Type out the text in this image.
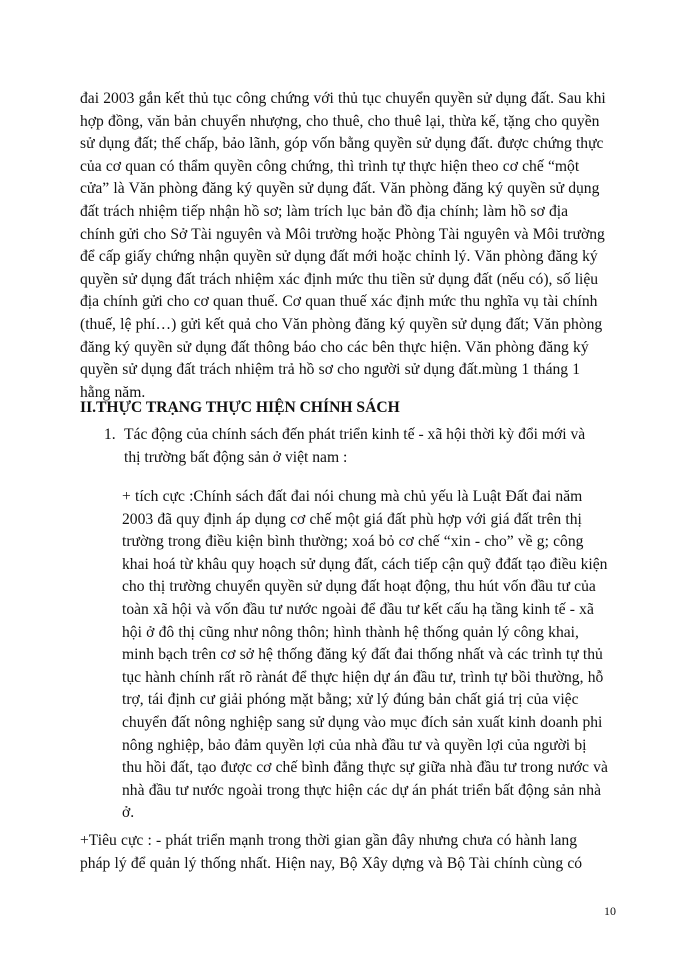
đai 2003 gắn kết thủ tục công chứng với thủ tục chuyển quyền sử dụng đất. Sau khi
hợp đồng, văn bản chuyển nhượng, cho thuê, cho thuê lại, thừa kế, tặng cho quyền
sử dụng đất; thế chấp, bảo lãnh, góp vốn bằng quyền sử dụng đất. được chứng thực
của cơ quan có thẩm quyền công chứng, thì trình tự thực hiện theo cơ chế “một
cửa” là Văn phòng đăng ký quyền sử dụng đất. Văn phòng đăng ký quyền sử dụng
đất trách nhiệm tiếp nhận hồ sơ; làm trích lục bản đồ địa chính; làm hồ sơ địa
chính gửi cho Sở Tài nguyên và Môi trường hoặc Phòng Tài nguyên và Môi trường
để cấp giấy chứng nhận quyền sử dụng đất mới hoặc chỉnh lý. Văn phòng đăng ký
quyền sử dụng đất trách nhiệm xác định mức thu tiền sử dụng đất (nếu có), số liệu
địa chính gửi cho cơ quan thuế. Cơ quan thuế xác định mức thu nghĩa vụ tài chính
(thuế, lệ phí…) gửi kết quả cho Văn phòng đăng ký quyền sử dụng đất; Văn phòng
đăng ký quyền sử dụng đất thông báo cho các bên thực hiện. Văn phòng đăng ký
quyền sử dụng đất trách nhiệm trả hồ sơ cho người sử dụng đất.mùng 1 tháng 1
hằng năm.
II.THỰC TRẠNG THỰC HIỆN CHÍNH SÁCH
1. Tác động của chính sách đến phát triển kinh tế - xã hội thời kỳ đổi mới và
thị trường bất động sản ở việt nam :
+ tích cực :Chính sách đất đai nói chung mà chủ yếu là Luật Đất đai năm
2003 đã quy định áp dụng cơ chế một giá đất phù hợp với giá đất trên thị
trường trong điều kiện bình thường; xoá bỏ cơ chế “xin - cho” về g; công
khai hoá từ khâu quy hoạch sử dụng đất, cách tiếp cận quỹ đđất tạo điều kiện
cho thị trường chuyển quyền sử dụng đất hoạt động, thu hút vốn đầu tư của
toàn xã hội và vốn đầu tư nước ngoài để đầu tư kết cấu hạ tầng kinh tế - xã
hội ở đô thị cũng như nông thôn; hình thành hệ thống quản lý công khai,
minh bạch trên cơ sở hệ thống đăng ký đất đai thống nhất và các trình tự thủ
tục hành chính rất rõ rànát để thực hiện dự án đầu tư, trình tự bồi thường, hỗ
trợ, tái định cư giải phóng mặt bằng; xử lý đúng bản chất giá trị của việc
chuyển đất nông nghiệp sang sử dụng vào mục đích sản xuất kinh doanh phi
nông nghiệp, bảo đảm quyền lợi của nhà đầu tư và quyền lợi của người bị
thu hồi đất, tạo được cơ chế bình đẳng thực sự giữa nhà đầu tư trong nước và
nhà đầu tư nước ngoài trong thực hiện các dự án phát triển bất động sản nhà
ở.
+Tiêu cực : - phát triển mạnh trong thời gian gần đây nhưng chưa có hành lang
pháp lý để quản lý thống nhất. Hiện nay, Bộ Xây dựng và Bộ Tài chính cùng có
10
